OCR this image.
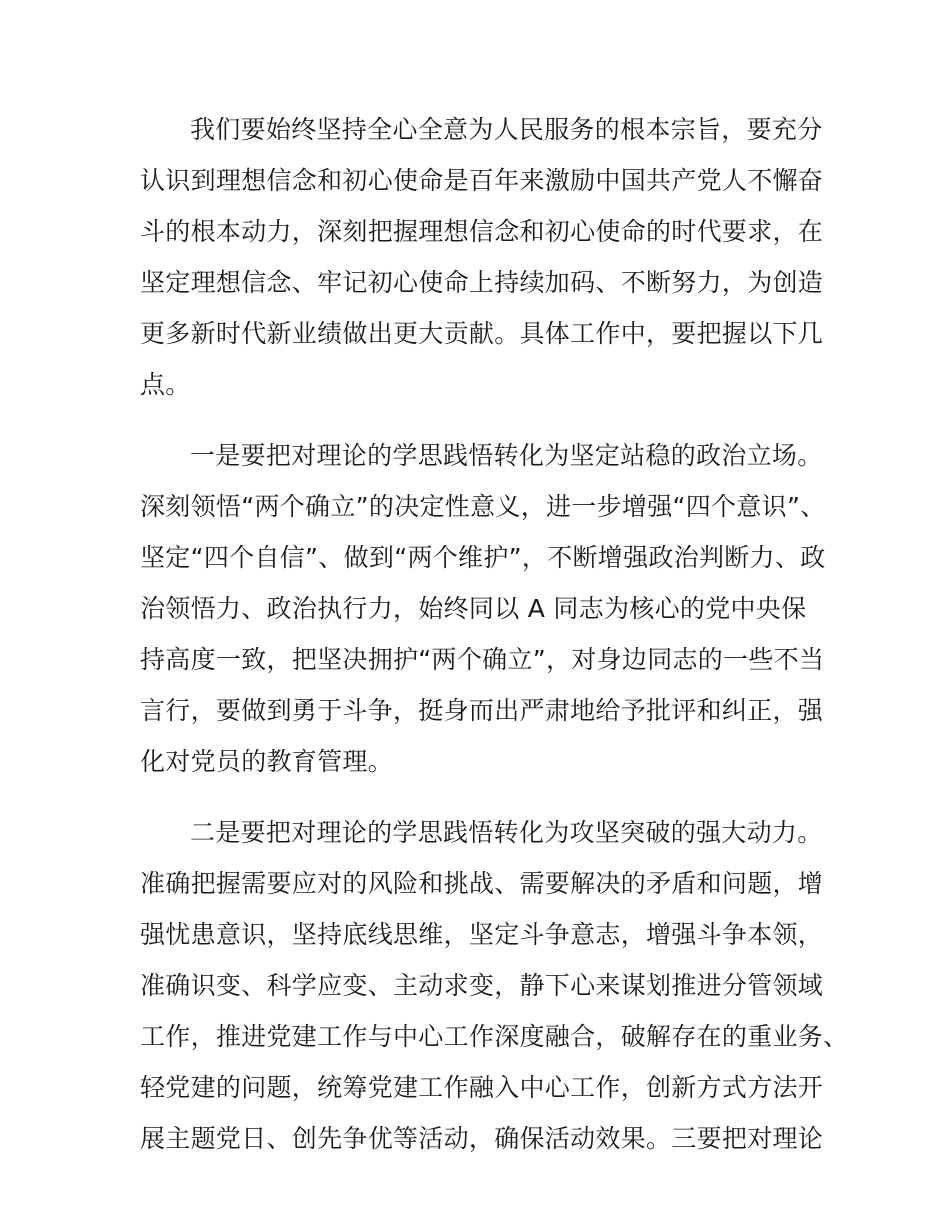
我们要始终坚持全心全意为人民服务的根本宗旨，要充分
认识到理想信念和初心使命是百年来激励中国共产党人不懈奋
斗的根本动力，深刻把握理想信念和初心使命的时代要求，在
坚定理想信念、牢记初心使命上持续加码、不断努力，为创造
更多新时代新业绩做出更大贡献。具体工作中，要把握以下几
点。
一是要把对理论的学思践悟转化为坚定站稳的政治立场。
深刻领悟“两个确立”的决定性意义，进一步增强“四个意识”、
坚定“四个自信”、做到“两个维护”，不断增强政治判断力、政
治领悟力、政治执行力，始终同以 A 同志为核心的党中央保
持高度一致，把坚决拥护“两个确立”，对身边同志的一些不当
言行，要做到勇于斗争，挺身而出严肃地给予批评和纠正，强
化对党员的教育管理。
二是要把对理论的学思践悟转化为攻坚突破的强大动力。
准确把握需要应对的风险和挑战、需要解决的矛盾和问题，增
强忧患意识，坚持底线思维，坚定斗争意志，增强斗争本领，
准确识变、科学应变、主动求变，静下心来谋划推进分管领域
工作，推进党建工作与中心工作深度融合，破解存在的重业务、
轻党建的问题，统筹党建工作融入中心工作，创新方式方法开
展主题党日、创先争优等活动，确保活动效果。三要把对理论
